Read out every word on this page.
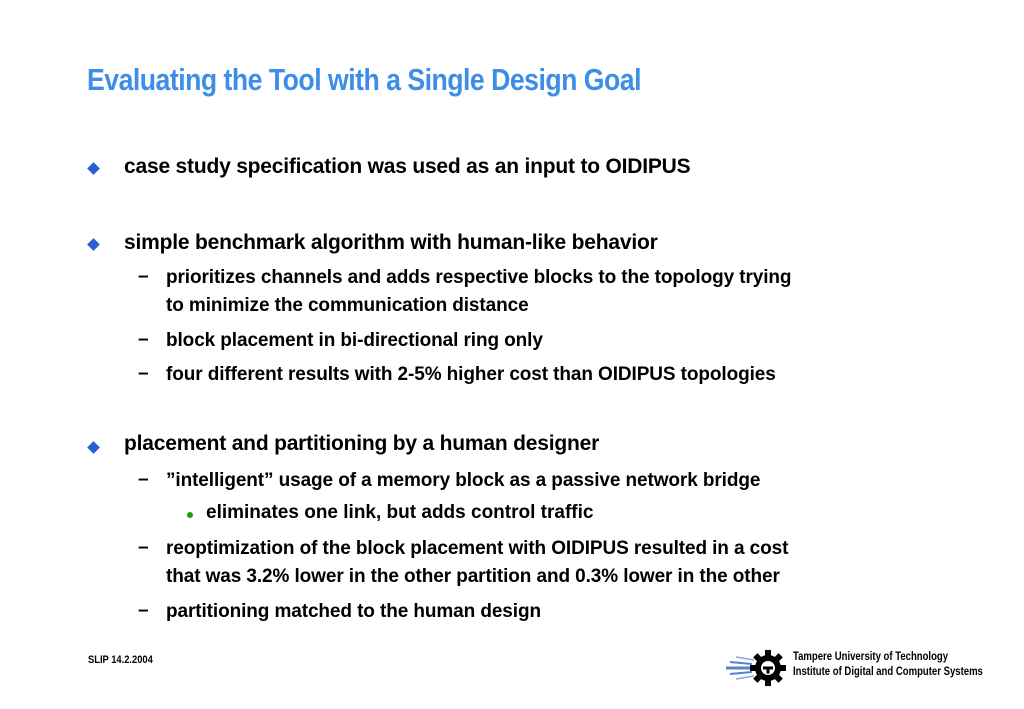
Evaluating the Tool with a Single Design Goal
case study specification was used as an input to OIDIPUS
simple benchmark algorithm with human-like behavior
– prioritizes channels and adds respective blocks to the topology trying
to minimize the communication distance
– block placement in bi-directional ring only
– four different results with 2-5% higher cost than OIDIPUS topologies
placement and partitioning by a human designer
– ”intelligent” usage of a memory block as a passive network bridge
eliminates one link, but adds control traffic
– reoptimization of the block placement with OIDIPUS resulted in a cost
that was 3.2% lower in the other partition and 0.3% lower in the other
– partitioning matched to the human design
SLIP 14.2.2004	Tampere University of Technology
Institute of Digital and Computer Systems
